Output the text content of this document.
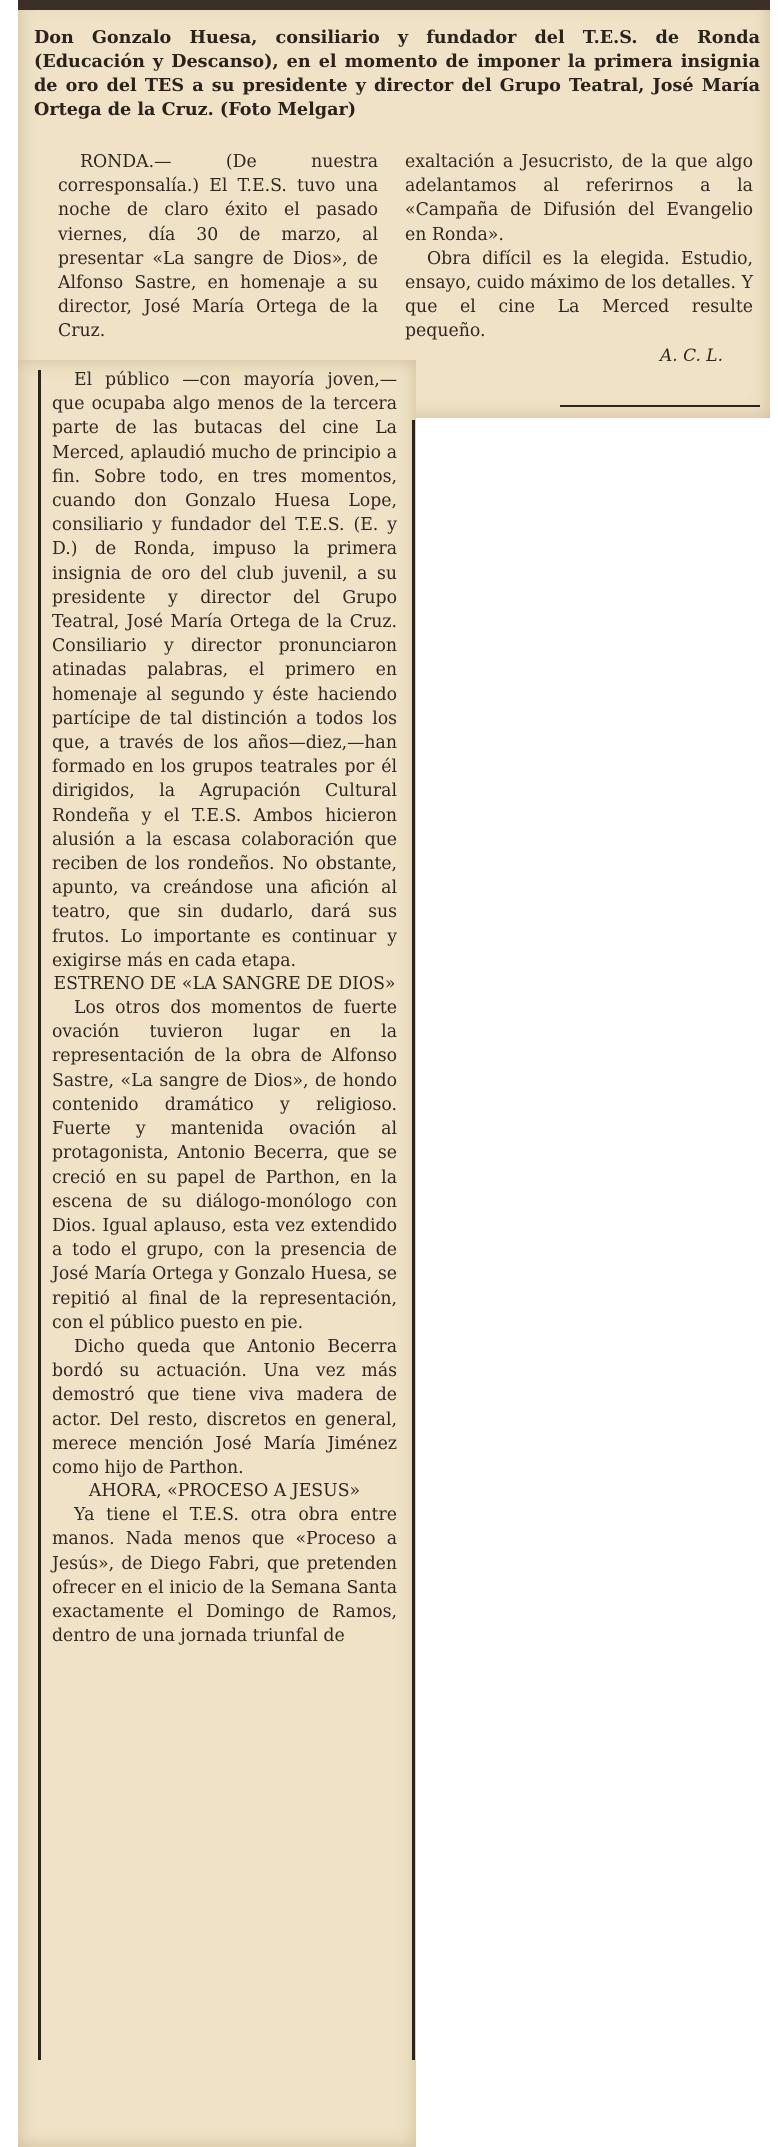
Don Gonzalo Huesa, consiliario y fundador del T.E.S. de Ronda (Educación y Descanso), en el momento de imponer la primera insignia de oro del TES a su presidente y director del Grupo Teatral, José María Ortega de la Cruz. (Foto Melgar)

RONDA.— (De nuestra corresponsalía.) El T.E.S. tuvo una noche de claro éxito el pasado viernes, día 30 de marzo, al presentar «La sangre de Dios», de Alfonso Sastre, en homenaje a su director, José María Ortega de la Cruz.

exaltación a Jesucristo, de la que algo adelantamos al referirnos a la «Campaña de Difusión del Evangelio en Ronda».

Obra difícil es la elegida. Estudio, ensayo, cuido máximo de los detalles. Y que el cine La Merced resulte pequeño.

A. C. L.

El público —con mayoría joven,—que ocupaba algo menos de la tercera parte de las butacas del cine La Merced, aplaudió mucho de principio a fin. Sobre todo, en tres momentos, cuando don Gonzalo Huesa Lope, consiliario y fundador del T.E.S. (E. y D.) de Ronda, impuso la primera insignia de oro del club juvenil, a su presidente y director del Grupo Teatral, José María Ortega de la Cruz. Consiliario y director pronunciaron atinadas palabras, el primero en homenaje al segundo y éste haciendo partícipe de tal distinción a todos los que, a través de los años—diez,—han formado en los grupos teatrales por él dirigidos, la Agrupación Cultural Rondeña y el T.E.S. Ambos hicieron alusión a la escasa colaboración que reciben de los rondeños. No obstante, apunto, va creándose una afición al teatro, que sin dudarlo, dará sus frutos. Lo importante es continuar y exigirse más en cada etapa.

ESTRENO DE «LA SANGRE DE DIOS»

Los otros dos momentos de fuerte ovación tuvieron lugar en la representación de la obra de Alfonso Sastre, «La sangre de Dios», de hondo contenido dramático y religioso. Fuerte y mantenida ovación al protagonista, Antonio Becerra, que se creció en su papel de Parthon, en la escena de su diálogo-monólogo con Dios. Igual aplauso, esta vez extendido a todo el grupo, con la presencia de José María Ortega y Gonzalo Huesa, se repitió al final de la representación, con el público puesto en pie.

Dicho queda que Antonio Becerra bordó su actuación. Una vez más demostró que tiene viva madera de actor. Del resto, discretos en general, merece mención José María Jiménez como hijo de Parthon.

AHORA, «PROCESO A JESUS»

Ya tiene el T.E.S. otra obra entre manos. Nada menos que «Proceso a Jesús», de Diego Fabri, que pretenden ofrecer en el inicio de la Semana Santa exactamente el Domingo de Ramos, dentro de una jornada triunfal de
